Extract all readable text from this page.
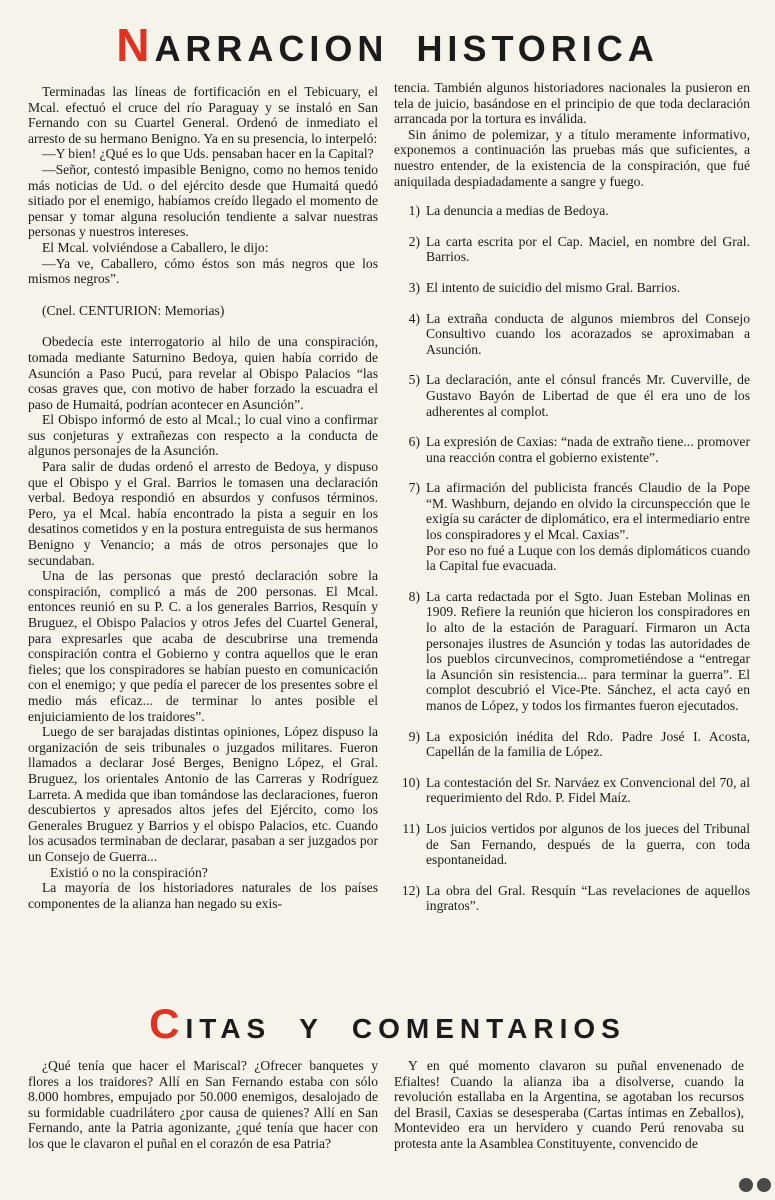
NARRACION HISTORICA

Terminadas las líneas de fortificación en el Tebicuary, el Mcal. efectuó el cruce del río Paraguay y se instaló en San Fernando con su Cuartel General. Ordenó de inmediato el arresto de su hermano Benigno. Ya en su presencia, lo interpeló:

—Y bien! ¿Qué es lo que Uds. pensaban hacer en la Capital?

—Señor, contestó impasible Benigno, como no hemos tenido más noticias de Ud. o del ejército desde que Humaitá quedó sitiado por el enemigo, habíamos creído llegado el momento de pensar y tomar alguna resolución tendiente a salvar nuestras personas y nuestros intereses.

El Mcal. volviéndose a Caballero, le dijo:

—Ya ve, Caballero, cómo éstos son más negros que los mismos negros”.

(Cnel. CENTURION: Memorias)

Obedecía este interrogatorio al hilo de una conspiración, tomada mediante Saturnino Bedoya, quien había corrido de Asunción a Paso Pucú, para revelar al Obispo Palacios “las cosas graves que, con motivo de haber forzado la escuadra el paso de Humaitá, podrían acontecer en Asunción”.

El Obispo informó de esto al Mcal.; lo cual vino a confirmar sus conjeturas y extrañezas con respecto a la conducta de algunos personajes de la Asunción.

Para salir de dudas ordenó el arresto de Bedoya, y dispuso que el Obispo y el Gral. Barrios le tomasen una declaración verbal. Bedoya respondió en absurdos y confusos términos. Pero, ya el Mcal. había encontrado la pista a seguir en los desatinos cometidos y en la postura entreguista de sus hermanos Benigno y Venancio; a más de otros personajes que lo secundaban.

Una de las personas que prestó declaración sobre la conspiración, complicó a más de 200 personas. El Mcal. entonces reunió en su P. C. a los generales Barrios, Resquín y Bruguez, el Obispo Palacios y otros Jefes del Cuartel General, para expresarles que acaba de descubrirse una tremenda conspiración contra el Gobierno y contra aquellos que le eran fieles; que los conspiradores se habían puesto en comunicación con el enemigo; y que pedía el parecer de los presentes sobre el medio más eficaz... de terminar lo antes posible el enjuiciamiento de los traidores”.

Luego de ser barajadas distintas opiniones, López dispuso la organización de seis tribunales o juzgados militares. Fueron llamados a declarar José Berges, Benigno López, el Gral. Bruguez, los orientales Antonio de las Carreras y Rodríguez Larreta. A medida que iban tomándose las declaraciones, fueron descubiertos y apresados altos jefes del Ejército, como los Generales Bruguez y Barrios y el obispo Palacios, etc. Cuando los acusados terminaban de declarar, pasaban a ser juzgados por un Consejo de Guerra...

Existió o no la conspiración?

La mayoría de los historiadores naturales de los países componentes de la alianza han negado su exis-

tencia. También algunos historiadores nacionales la pusieron en tela de juicio, basándose en el principio de que toda declaración arrancada por la tortura es inválida.

Sin ánimo de polemizar, y a título meramente informativo, exponemos a continuación las pruebas más que suficientes, a nuestro entender, de la existencia de la conspiración, que fué aniquilada despiadadamente a sangre y fuego.

1) La denuncia a medias de Bedoya.
2) La carta escrita por el Cap. Maciel, en nombre del Gral. Barrios.
3) El intento de suicidio del mismo Gral. Barrios.
4) La extraña conducta de algunos miembros del Consejo Consultivo cuando los acorazados se aproximaban a Asunción.
5) La declaración, ante el cónsul francés Mr. Cuverville, de Gustavo Bayón de Libertad de que él era uno de los adherentes al complot.
6) La expresión de Caxias: “nada de extraño tiene... promover una reacción contra el gobierno existente”.
7) La afirmación del publicista francés Claudio de la Pope “M. Washburn, dejando en olvido la circunspección que le exigía su carácter de diplomático, era el intermediario entre los conspiradores y el Mcal. Caxias”.
Por eso no fué a Luque con los demás diplomáticos cuando la Capital fue evacuada.
8) La carta redactada por el Sgto. Juan Esteban Molinas en 1909. Refiere la reunión que hicieron los conspiradores en lo alto de la estación de Paraguarí. Firmaron un Acta personajes ilustres de Asunción y todas las autoridades de los pueblos circunvecinos, comprometiéndose a “entregar la Asunción sin resistencia... para terminar la guerra”. El complot descubrió el Vice-Pte. Sánchez, el acta cayó en manos de López, y todos los firmantes fueron ejecutados.
9) La exposición inédita del Rdo. Padre José I. Acosta, Capellán de la familia de López.
10) La contestación del Sr. Narváez ex Convencional del 70, al requerimiento del Rdo. P. Fidel Maíz.
11) Los juicios vertidos por algunos de los jueces del Tribunal de San Fernando, después de la guerra, con toda espontaneidad.
12) La obra del Gral. Resquín “Las revelaciones de aquellos ingratos”.
CITAS Y COMENTARIOS

¿Qué tenía que hacer el Mariscal? ¿Ofrecer banquetes y flores a los traidores? Allí en San Fernando estaba con sólo 8.000 hombres, empujado por 50.000 enemigos, desalojado de su formidable cuadrilátero ¿por causa de quienes? Allí en San Fernando, ante la Patria agonizante, ¿qué tenía que hacer con los que le clavaron el puñal en el corazón de esa Patria?

Y en qué momento clavaron su puñal envenenado de Efialtes! Cuando la alianza iba a disolverse, cuando la revolución estallaba en la Argentina, se agotaban los recursos del Brasil, Caxias se desesperaba (Cartas íntimas en Zeballos), Montevideo era un hervidero y cuando Perú renovaba su protesta ante la Asamblea Constituyente, convencido de
